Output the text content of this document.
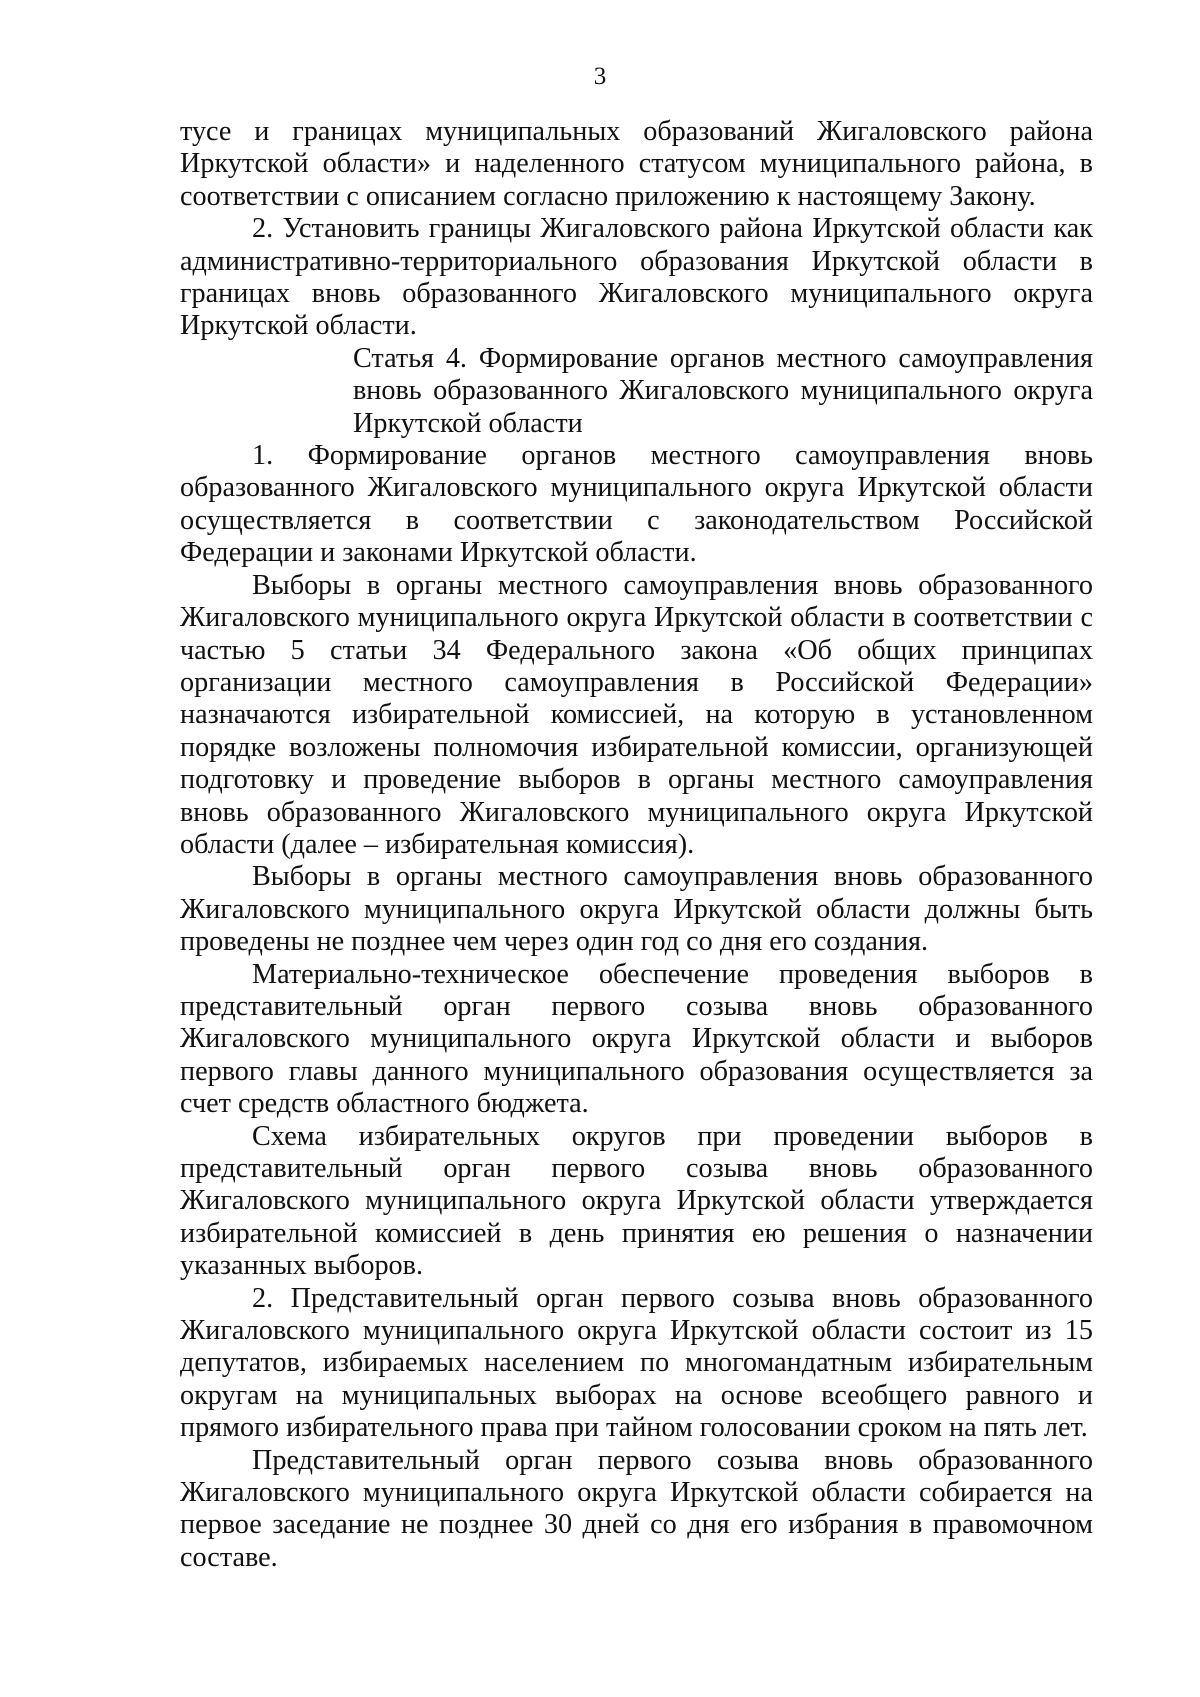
3

тусе и границах муниципальных образований Жигаловского района Иркутской области» и наделенного статусом муниципального района, в соответствии с описанием согласно приложению к настоящему Закону.

2. Установить границы Жигаловского района Иркутской области как административно-территориального образования Иркутской области в границах вновь образованного Жигаловского муниципального округа Иркутской области.

Статья 4. Формирование органов местного самоуправления вновь образованного Жигаловского муниципального округа Иркутской области

1. Формирование органов местного самоуправления вновь образованного Жигаловского муниципального округа Иркутской области осуществляется в соответствии с законодательством Российской Федерации и законами Иркутской области.

Выборы в органы местного самоуправления вновь образованного Жигаловского муниципального округа Иркутской области в соответствии с частью 5 статьи 34 Федерального закона «Об общих принципах организации местного самоуправления в Российской Федерации» назначаются избирательной комиссией, на которую в установленном порядке возложены полномочия избирательной комиссии, организующей подготовку и проведение выборов в органы местного самоуправления вновь образованного Жигаловского муниципального округа Иркутской области (далее – избирательная комиссия).

Выборы в органы местного самоуправления вновь образованного Жигаловского муниципального округа Иркутской области должны быть проведены не позднее чем через один год со дня его создания.

Материально-техническое обеспечение проведения выборов в представительный орган первого созыва вновь образованного Жигаловского муниципального округа Иркутской области и выборов первого главы данного муниципального образования осуществляется за счет средств областного бюджета.

Схема избирательных округов при проведении выборов в представительный орган первого созыва вновь образованного Жигаловского муниципального округа Иркутской области утверждается избирательной комиссией в день принятия ею решения о назначении указанных выборов.

2. Представительный орган первого созыва вновь образованного Жигаловского муниципального округа Иркутской области состоит из 15 депутатов, избираемых населением по многомандатным избирательным округам на муниципальных выборах на основе всеобщего равного и прямого избирательного права при тайном голосовании сроком на пять лет.

Представительный орган первого созыва вновь образованного Жигаловского муниципального округа Иркутской области собирается на первое заседание не позднее 30 дней со дня его избрания в правомочном составе.
